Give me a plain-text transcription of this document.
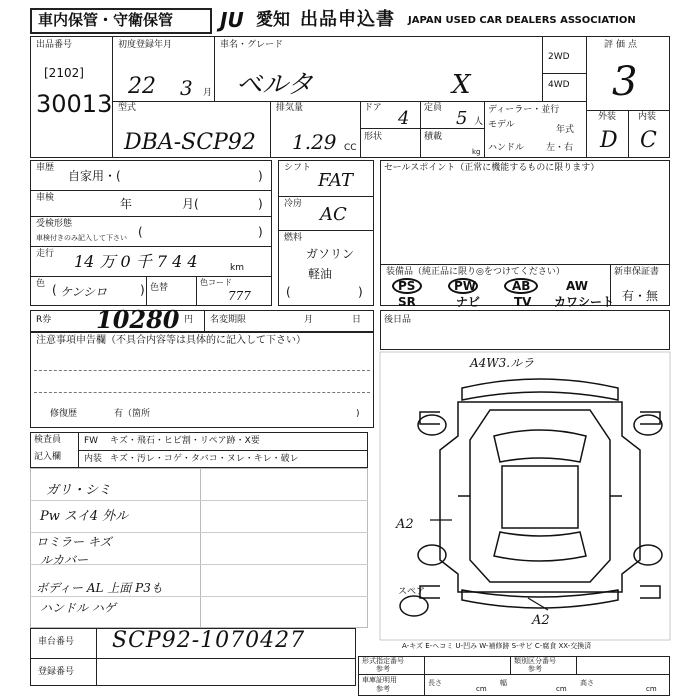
車内保管・守衛保管 JU 愛知 出品申込書 JAPAN USED CAR DEALERS ASSOCIATION
出品番号
[2102]
30013
初度登録年月
22 3 月
車名・グレード
ベルタ	X
2WD
4WD
評価点
3
外装 内装
D C
型式
DBA-SCP92
排気量
1.29 CC
ドア 4 定員 5 人
形状	積載
kg
ディーラー・並行
モデル	年式
ハンドル 左・右
車歴
自家用・(	)
車検	年	月(	)
受検形態
車検付きのみ記入して下さい (	)
走行 14 万 0 千 7 4 4	km
色
ケンシロ	色替
色コード
777
(	)
シフト
FAT
冷房 AC
燃料
ガソリン
軽油
(	)
セールスポイント（正常に機能するものに限ります）
装備品（純正品に限り◎をつけてください）	新車保証書
有・無
PS	PW	AB	AW
SR	ナビ	TV カワシート
R券 10280 円 名変期限	月	日	後日品
注意事項申告欄（不具合内容等は具体的に記入して下さい）
修復歴	有（箇所	)
検査員
記入欄
FW キズ・飛石・ヒビ割・リペア跡・X要
内装 キズ・汚レ・コゲ・タバコ・ヌレ・キレ・破レ
ガリ・シミ
Pw スイ4 外ル
ロミラー キズ
ルカバー
ボディー AL 上面 P3も
ハンドル ハゲ
A4W3.ルラ
A2
A2
スペア
A-キズ E-ヘコミ U-凹み W-補修跡 S-サビ C-腐食 XX-交換済
車台番号 SCP92-1070427
登録番号
形式指定番号
参考
類別区分番号
参考
車庫証明用
参考
長さ
cm
幅
cm
高さ
cm
